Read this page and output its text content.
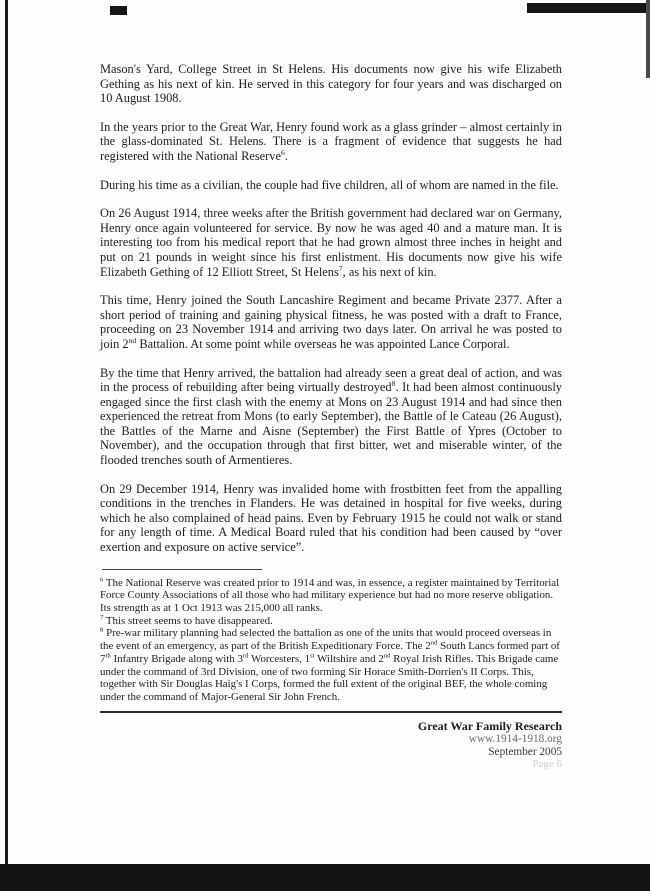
Mason's Yard, College Street in St Helens. His documents now give his wife Elizabeth Gething as his next of kin. He served in this category for four years and was discharged on 10 August 1908.

In the years prior to the Great War, Henry found work as a glass grinder – almost certainly in the glass-dominated St. Helens. There is a fragment of evidence that suggests he had registered with the National Reserve$^6$.

During his time as a civilian, the couple had five children, all of whom are named in the file.

On 26 August 1914, three weeks after the British government had declared war on Germany, Henry once again volunteered for service. By now he was aged 40 and a mature man. It is interesting too from his medical report that he had grown almost three inches in height and put on 21 pounds in weight since his first enlistment. His documents now give his wife Elizabeth Gething of 12 Elliott Street, St Helens$^7$, as his next of kin.

This time, Henry joined the South Lancashire Regiment and became Private 2377. After a short period of training and gaining physical fitness, he was posted with a draft to France, proceeding on 23 November 1914 and arriving two days later. On arrival he was posted to join 2nd Battalion. At some point while overseas he was appointed Lance Corporal.

By the time that Henry arrived, the battalion had already seen a great deal of action, and was in the process of rebuilding after being virtually destroyed$^8$. It had been almost continuously engaged since the first clash with the enemy at Mons on 23 August 1914 and had since then experienced the retreat from Mons (to early September), the Battle of le Cateau (26 August), the Battles of the Marne and Aisne (September) the First Battle of Ypres (October to November), and the occupation through that first bitter, wet and miserable winter, of the flooded trenches south of Armentieres.

On 29 December 1914, Henry was invalided home with frostbitten feet from the appalling conditions in the trenches in Flanders. He was detained in hospital for five weeks, during which he also complained of head pains. Even by February 1915 he could not walk or stand for any length of time. A Medical Board ruled that his condition had been caused by “over exertion and exposure on active service”.

$^6$ The National Reserve was created prior to 1914 and was, in essence, a register maintained by Territorial Force County Associations of all those who had military experience but had no more reserve obligation. Its strength as at 1 Oct 1913 was 215,000 all ranks.

$^7$ This street seems to have disappeared.

$^8$ Pre-war military planning had selected the battalion as one of the units that would proceed overseas in the event of an emergency, as part of the British Expeditionary Force. The 2nd South Lancs formed part of 7th Infantry Brigade along with 3rd Worcesters, 1st Wiltshire and 2nd Royal Irish Rifles. This Brigade came under the command of 3rd Division, one of two forming Sir Horace Smith-Dorrien's II Corps. This, together with Sir Douglas Haig's I Corps, formed the full extent of the original BEF, the whole coming under the command of Major-General Sir John French.

Great War Family Research
www.1914-1918.org
September 2005
Page 6
